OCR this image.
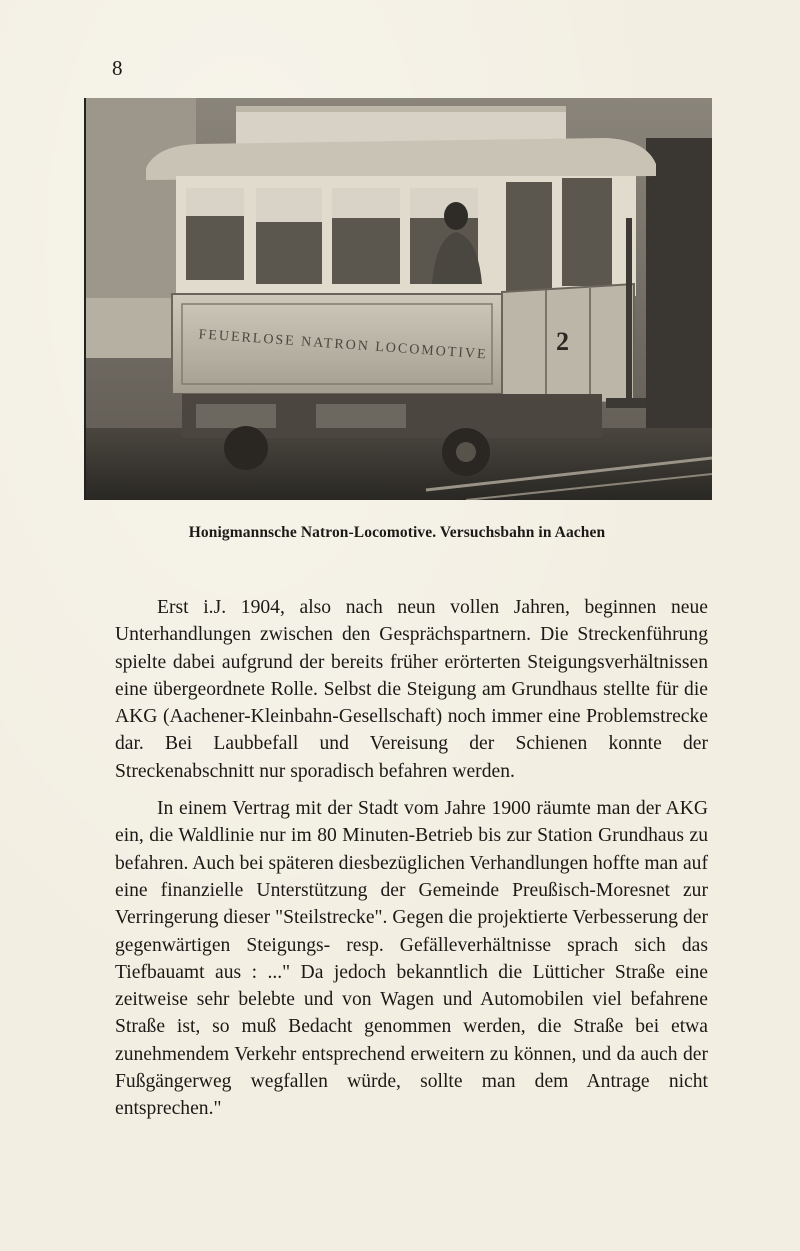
8
FEUERLOSE NATRON LOCOMOTIVE	2
Honigmannsche Natron-Locomotive. Versuchsbahn in Aachen

Erst i.J. 1904, also nach neun vollen Jahren, beginnen neue Unterhandlungen zwischen den Gesprächspartnern. Die Streckenführung spielte dabei aufgrund der bereits früher erörterten Steigungsverhältnissen eine übergeordnete Rolle. Selbst die Steigung am Grundhaus stellte für die AKG (Aachener-Kleinbahn-Gesellschaft) noch immer eine Problemstrecke dar. Bei Laubbefall und Vereisung der Schienen konnte der Streckenabschnitt nur sporadisch befahren werden.

In einem Vertrag mit der Stadt vom Jahre 1900 räumte man der AKG ein, die Waldlinie nur im 80 Minuten-Betrieb bis zur Station Grundhaus zu befahren. Auch bei späteren diesbezüglichen Verhandlungen hoffte man auf eine finanzielle Unterstützung der Gemeinde Preußisch-Moresnet zur Verringerung dieser "Steilstrecke". Gegen die projektierte Verbesserung der gegenwärtigen Steigungs- resp. Gefälleverhältnisse sprach sich das Tiefbauamt aus : ..." Da jedoch bekanntlich die Lütticher Straße eine zeitweise sehr belebte und von Wagen und Automobilen viel befahrene Straße ist, so muß Bedacht genommen werden, die Straße bei etwa zunehmendem Verkehr entsprechend erweitern zu können, und da auch der Fußgängerweg wegfallen würde, sollte man dem Antrage nicht entsprechen."
